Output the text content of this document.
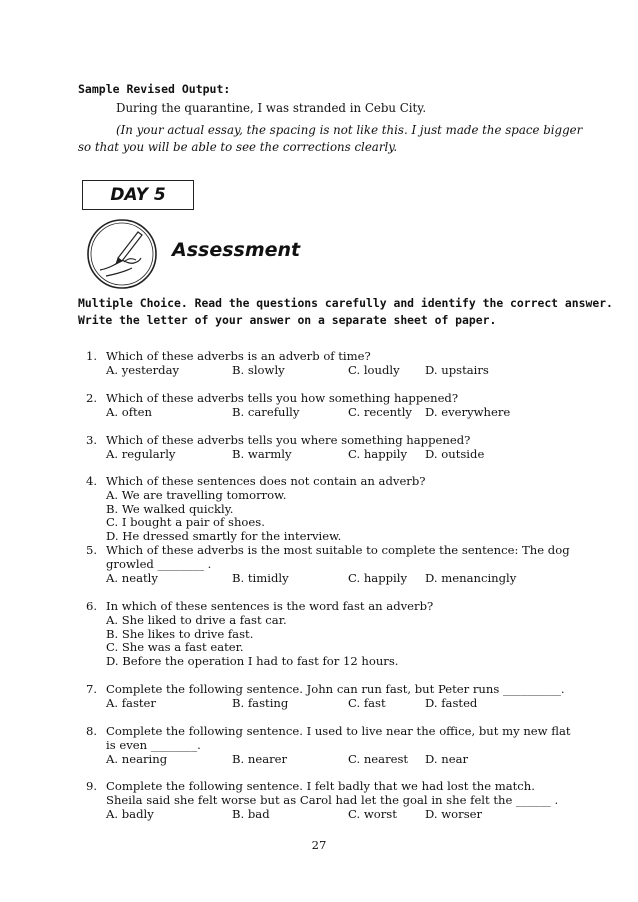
Sample Revised Output:
During the quarantine, I was stranded in Cebu City.
(In your actual essay, the spacing is not like this. I just made the space bigger
so that you will be able to see the corrections clearly.
DAY 5
Assessment
Multiple Choice. Read the questions carefully and identify the correct answer.
Write the letter of your answer on a separate sheet of paper.
1. Which of these adverbs is an adverb of time?
A. yesterday	B. slowly	C. loudly D. upstairs
2. Which of these adverbs tells you how something happened?
A. often	B. carefully	C. recently D. everywhere
3. Which of these adverbs tells you where something happened?
A. regularly	B. warmly	C. happily D. outside
4. Which of these sentences does not contain an adverb?
A. We are travelling tomorrow.
B. We walked quickly.
C. I bought a pair of shoes.
D. He dressed smartly for the interview.
5. Which of these adverbs is the most suitable to complete the sentence: The dog
growled ________ .
A. neatly	B. timidly	C. happily D. menancingly
6. In which of these sentences is the word fast an adverb?
A. She liked to drive a fast car.
B. She likes to drive fast.
C. She was a fast eater.
D. Before the operation I had to fast for 12 hours.
7. Complete the following sentence. John can run fast, but Peter runs __________.
A. faster	B. fasting	C. fast	D. fasted
8. Complete the following sentence. I used to live near the office, but my new flat
is even ________.
A. nearing	B. nearer	C. nearest D. near
9. Complete the following sentence. I felt badly that we had lost the match.
Sheila said she felt worse but as Carol had let the goal in she felt the ______ .
A. badly	B. bad	C. worst D. worser
27
